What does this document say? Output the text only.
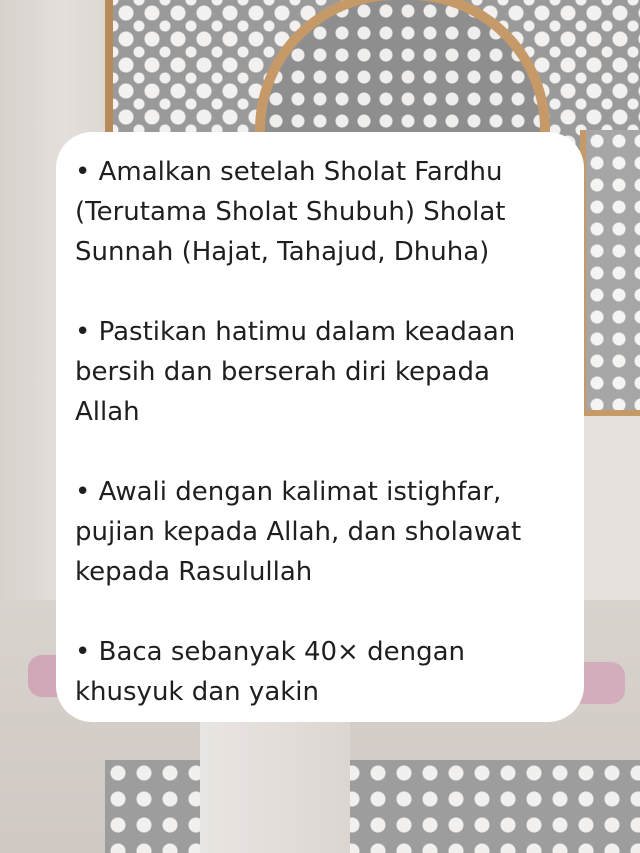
• Amalkan setelah Sholat Fardhu
(Terutama Sholat Shubuh) Sholat
Sunnah (Hajat, Tahajud, Dhuha)

• Pastikan hatimu dalam keadaan
bersih dan berserah diri kepada
Allah

• Awali dengan kalimat istighfar,
pujian kepada Allah, dan sholawat
kepada Rasulullah

• Baca sebanyak 40× dengan
khusyuk dan yakin
